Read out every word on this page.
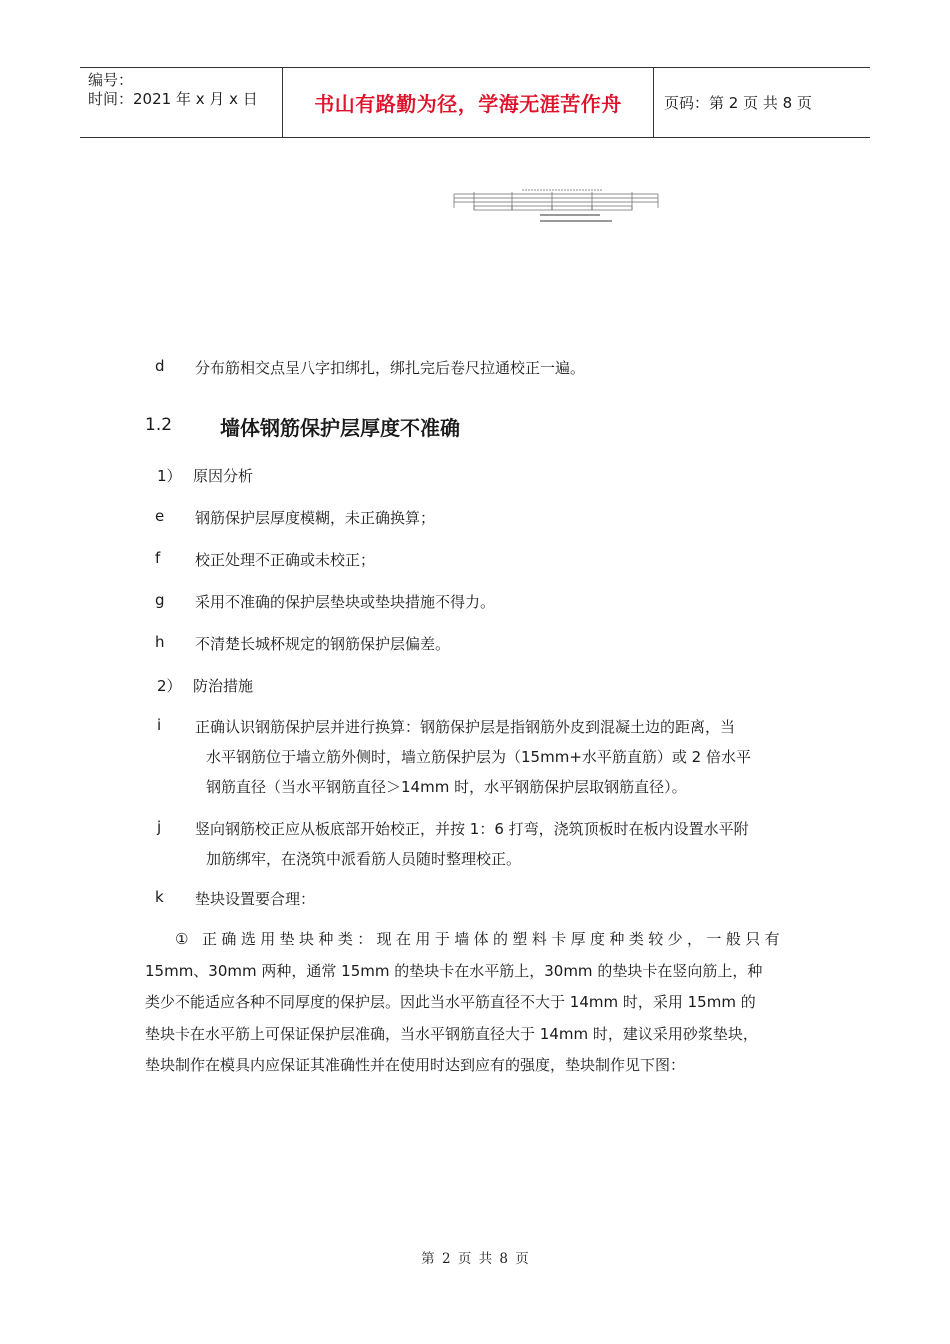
编号：
时间：2021 年 x 月 x 日	书山有路勤为径，学海无涯苦作舟	页码：第 2 页 共 8 页
d 分布筋相交点呈八字扣绑扎，绑扎完后卷尺拉通校正一遍。
1.2 墙体钢筋保护层厚度不准确
1） 原因分析
e 钢筋保护层厚度模糊，未正确换算；
f 校正处理不正确或未校正；
g 采用不准确的保护层垫块或垫块措施不得力。
h 不清楚长城杯规定的钢筋保护层偏差。
2） 防治措施
i 正确认识钢筋保护层并进行换算：钢筋保护层是指钢筋外皮到混凝土边的距离，当
水平钢筋位于墙立筋外侧时，墙立筋保护层为（15mm+水平筋直筋）或 2 倍水平
钢筋直径（当水平钢筋直径＞14mm 时，水平钢筋保护层取钢筋直径）。
j 竖向钢筋校正应从板底部开始校正，并按 1：6 打弯，浇筑顶板时在板内设置水平附
加筋绑牢，在浇筑中派看筋人员随时整理校正。
k 垫块设置要合理：
① 正确选用垫块种类：现在用于墙体的塑料卡厚度种类较少，一般只有
15mm、30mm 两种，通常 15mm 的垫块卡在水平筋上，30mm 的垫块卡在竖向筋上，种
类少不能适应各种不同厚度的保护层。因此当水平筋直径不大于 14mm 时，采用 15mm 的
垫块卡在水平筋上可保证保护层准确，当水平钢筋直径大于 14mm 时，建议采用砂浆垫块，
垫块制作在模具内应保证其准确性并在使用时达到应有的强度，垫块制作见下图：
第 2 页 共 8 页
